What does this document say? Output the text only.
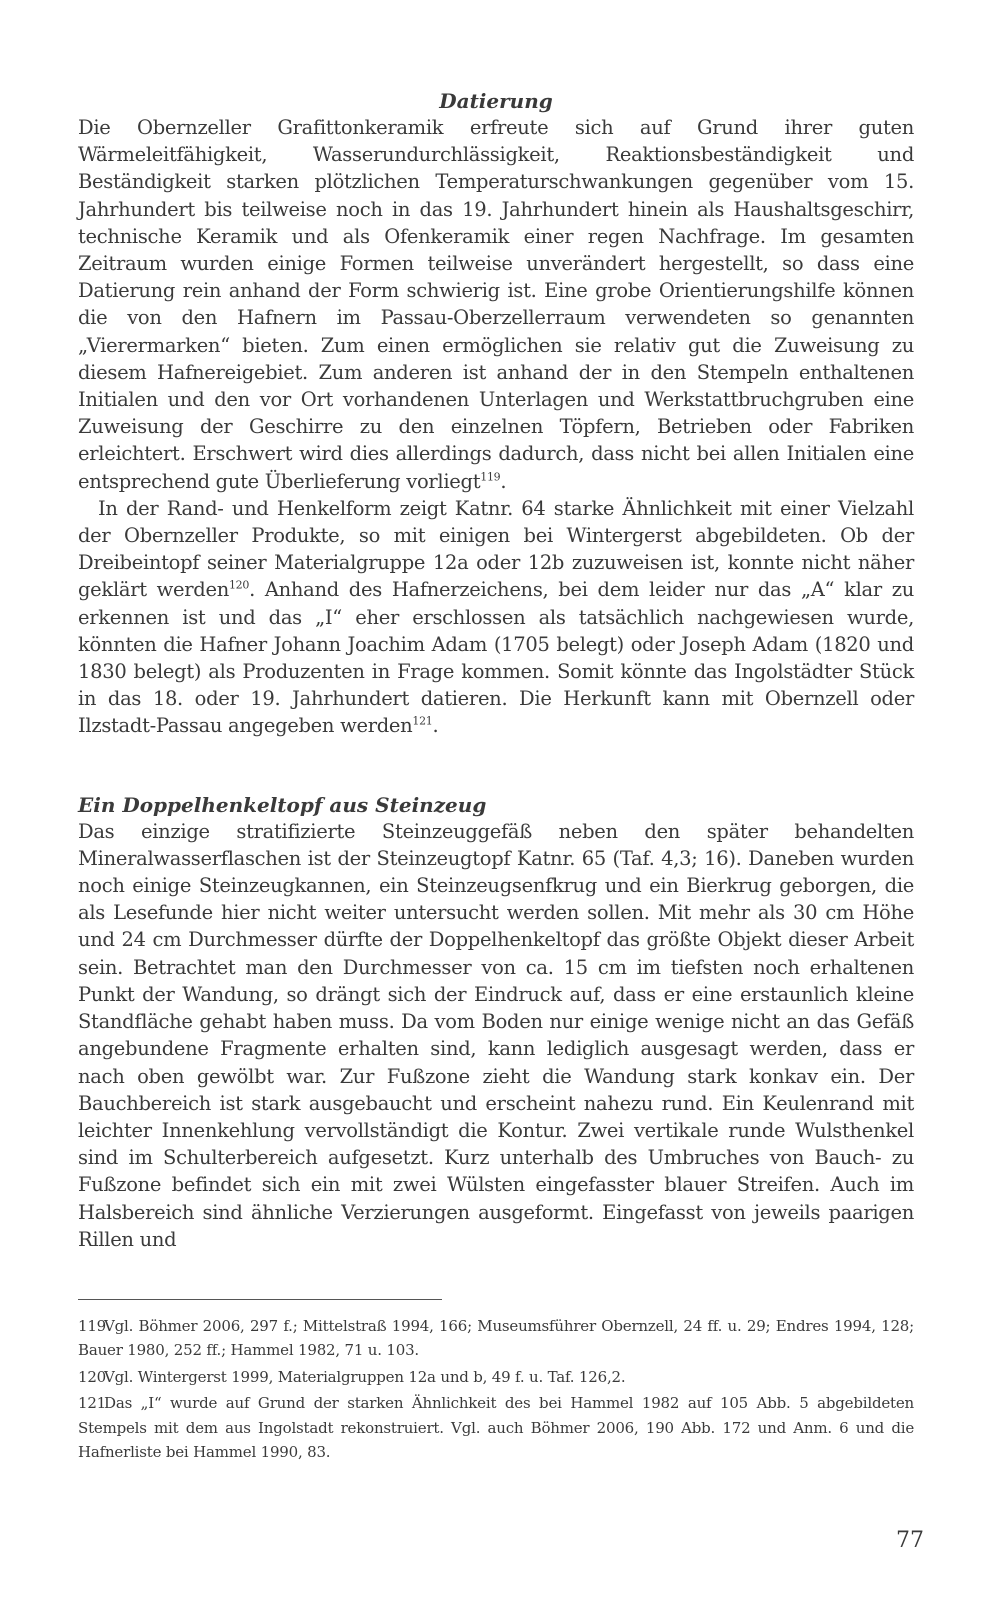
Datierung

Die Obernzeller Grafittonkeramik erfreute sich auf Grund ihrer guten Wärmeleitfähigkeit, Wasserundurchlässigkeit, Reaktionsbeständigkeit und Beständigkeit starken plötzlichen Temperaturschwankungen gegenüber vom 15. Jahrhundert bis teilweise noch in das 19. Jahrhundert hinein als Haushaltsgeschirr, technische Keramik und als Ofenkeramik einer regen Nachfrage. Im gesamten Zeitraum wurden einige Formen teilweise unverändert hergestellt, so dass eine Datierung rein anhand der Form schwierig ist. Eine grobe Orientierungshilfe können die von den Hafnern im Passau-Oberzellerraum verwendeten so genannten „Vierermarken“ bieten. Zum einen ermöglichen sie relativ gut die Zuweisung zu diesem Hafnereigebiet. Zum anderen ist anhand der in den Stempeln enthaltenen Initialen und den vor Ort vorhandenen Unterlagen und Werkstattbruchgruben eine Zuweisung der Geschirre zu den einzelnen Töpfern, Betrieben oder Fabriken erleichtert. Erschwert wird dies allerdings dadurch, dass nicht bei allen Initialen eine entsprechend gute Überlieferung vorliegt$^{119}$.

In der Rand- und Henkelform zeigt Katnr. 64 starke Ähnlichkeit mit einer Vielzahl der Obernzeller Produkte, so mit einigen bei Wintergerst abgebildeten. Ob der Dreibeintopf seiner Materialgruppe 12a oder 12b zuzuweisen ist, konnte nicht näher geklärt werden$^{120}$. Anhand des Hafnerzeichens, bei dem leider nur das „A“ klar zu erkennen ist und das „I“ eher erschlossen als tatsächlich nachgewiesen wurde, könnten die Hafner Johann Joachim Adam (1705 belegt) oder Joseph Adam (1820 und 1830 belegt) als Produzenten in Frage kommen. Somit könnte das Ingolstädter Stück in das 18. oder 19. Jahrhundert datieren. Die Herkunft kann mit Obernzell oder Ilzstadt-Passau angegeben werden$^{121}$.

Ein Doppelhenkeltopf aus Steinzeug

Das einzige stratifizierte Steinzeuggefäß neben den später behandelten Mineralwasserflaschen ist der Steinzeugtopf Katnr. 65 (Taf. 4,3; 16). Daneben wurden noch einige Steinzeugkannen, ein Steinzeugsenfkrug und ein Bierkrug geborgen, die als Lesefunde hier nicht weiter untersucht werden sollen. Mit mehr als 30 cm Höhe und 24 cm Durchmesser dürfte der Doppelhenkeltopf das größte Objekt dieser Arbeit sein. Betrachtet man den Durchmesser von ca. 15 cm im tiefsten noch erhaltenen Punkt der Wandung, so drängt sich der Eindruck auf, dass er eine erstaunlich kleine Standfläche gehabt haben muss. Da vom Boden nur einige wenige nicht an das Gefäß angebundene Fragmente erhalten sind, kann lediglich ausgesagt werden, dass er nach oben gewölbt war. Zur Fußzone zieht die Wandung stark konkav ein. Der Bauchbereich ist stark ausgebaucht und erscheint nahezu rund. Ein Keulenrand mit leichter Innenkehlung vervollständigt die Kontur. Zwei vertikale runde Wulsthenkel sind im Schulterbereich aufgesetzt. Kurz unterhalb des Umbruches von Bauch- zu Fußzone befindet sich ein mit zwei Wülsten eingefasster blauer Streifen. Auch im Halsbereich sind ähnliche Verzierungen ausgeformt. Eingefasst von jeweils paarigen Rillen und

119Vgl. Böhmer 2006, 297 f.; Mittelstraß 1994, 166; Museumsführer Obernzell, 24 ff. u. 29; Endres 1994, 128; Bauer 1980, 252 ff.; Hammel 1982, 71 u. 103.

120Vgl. Wintergerst 1999, Materialgruppen 12a und b, 49 f. u. Taf. 126,2.

121Das „I“ wurde auf Grund der starken Ähnlichkeit des bei Hammel 1982 auf 105 Abb. 5 abgebildeten Stempels mit dem aus Ingolstadt rekonstruiert. Vgl. auch Böhmer 2006, 190 Abb. 172 und Anm. 6 und die Hafnerliste bei Hammel 1990, 83.

77
